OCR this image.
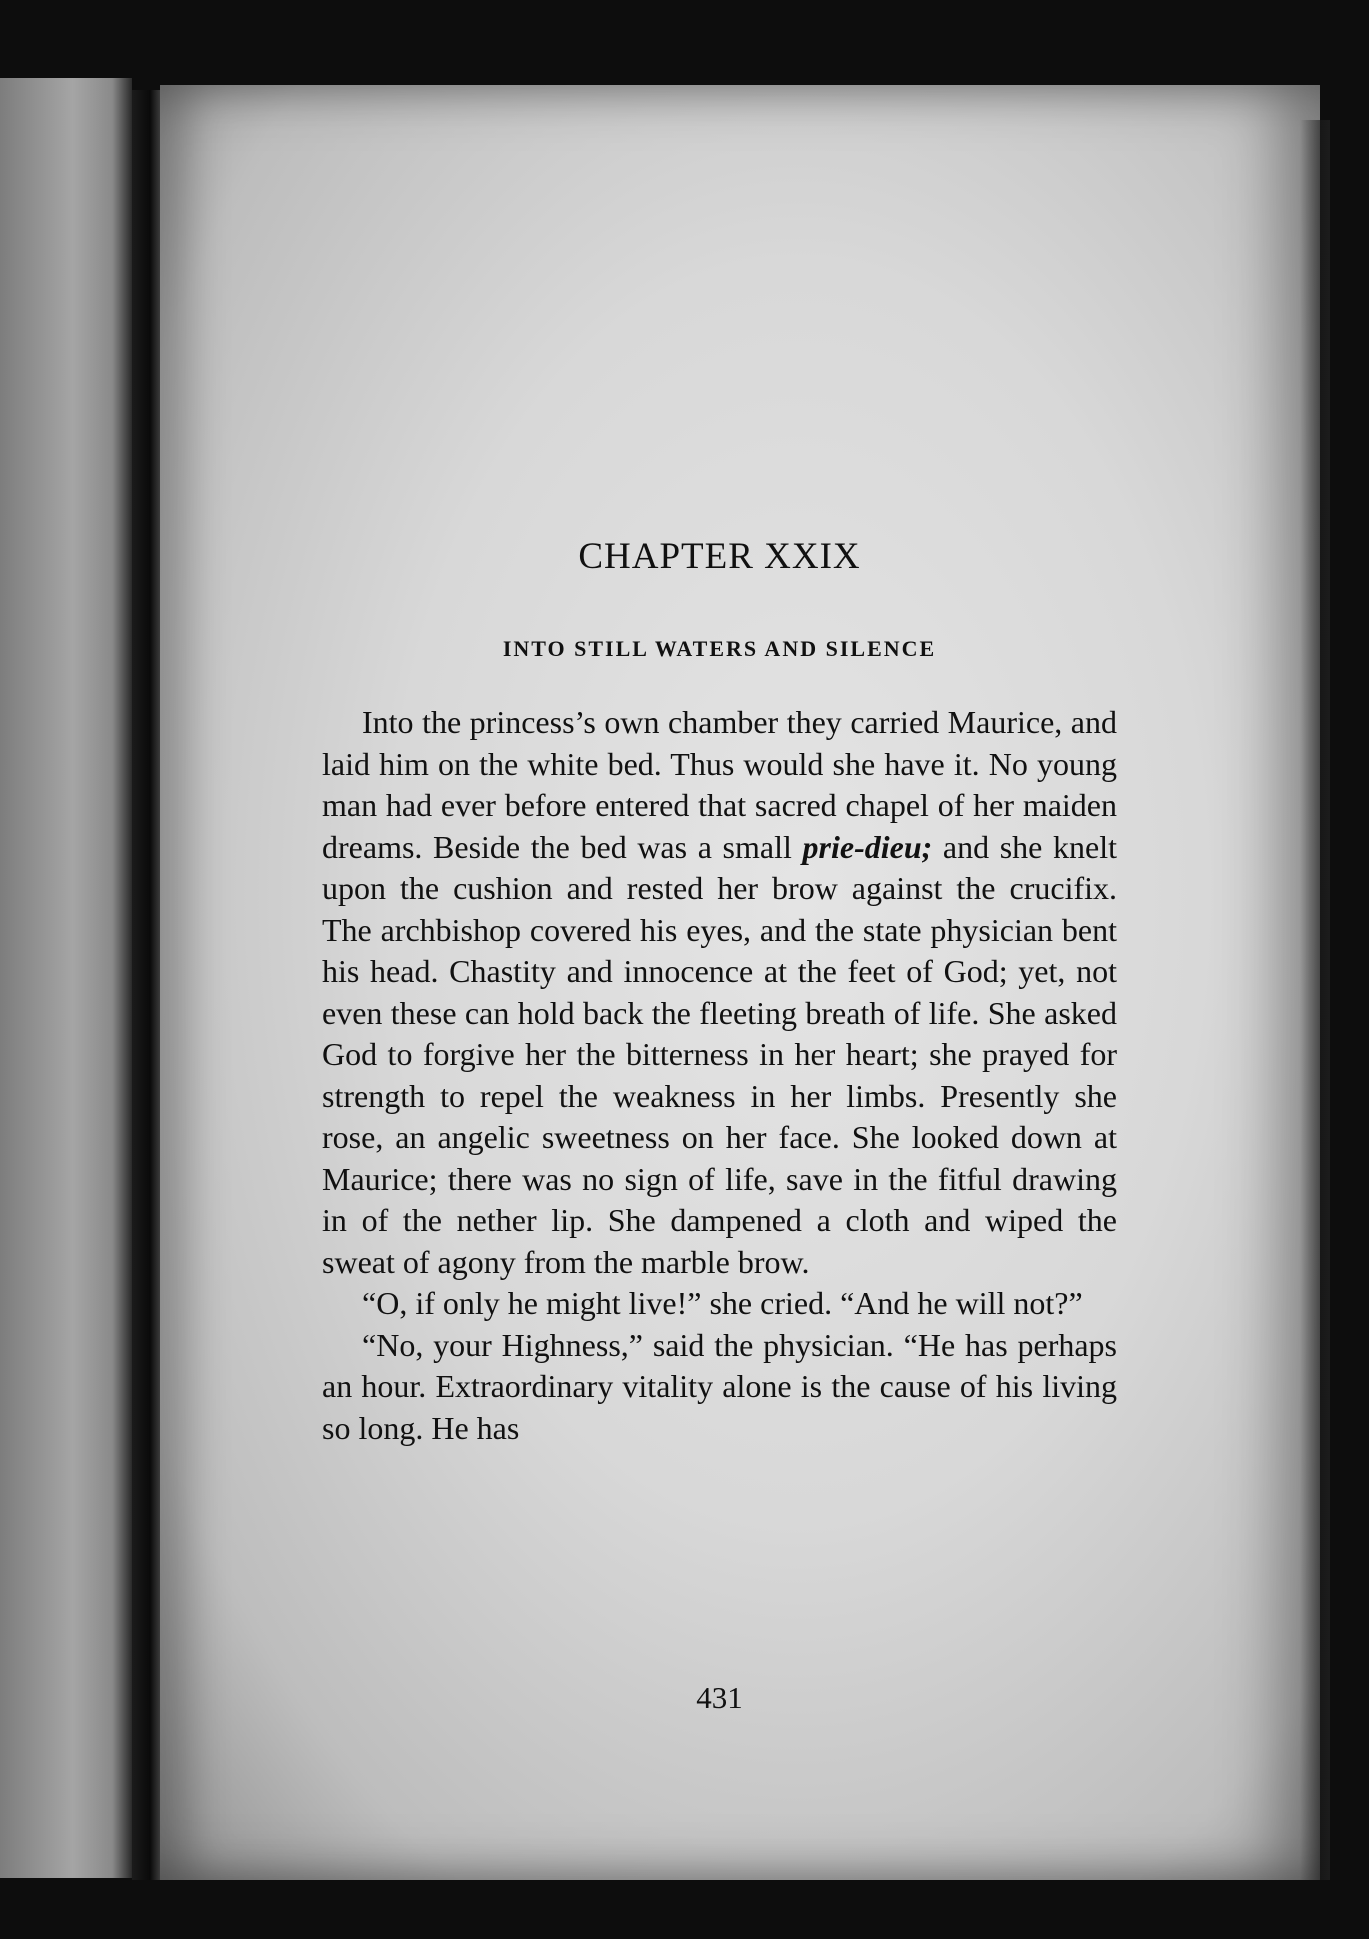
CHAPTER XXIX
INTO STILL WATERS AND SILENCE

Into the princess’s own chamber they carried Maurice, and laid him on the white bed. Thus would she have it. No young man had ever before entered that sacred chapel of her maiden dreams. Beside the bed was a small prie-dieu; and she knelt upon the cushion and rested her brow against the crucifix. The archbishop covered his eyes, and the state physician bent his head. Chastity and innocence at the feet of God; yet, not even these can hold back the fleeting breath of life. She asked God to forgive her the bitterness in her heart; she prayed for strength to repel the weakness in her limbs. Presently she rose, an angelic sweetness on her face. She looked down at Maurice; there was no sign of life, save in the fitful drawing in of the nether lip. She dampened a cloth and wiped the sweat of agony from the marble brow.

“O, if only he might live!” she cried. “And he will not?”

“No, your Highness,” said the physician. “He has perhaps an hour. Extraordinary vitality alone is the cause of his living so long. He has

431
